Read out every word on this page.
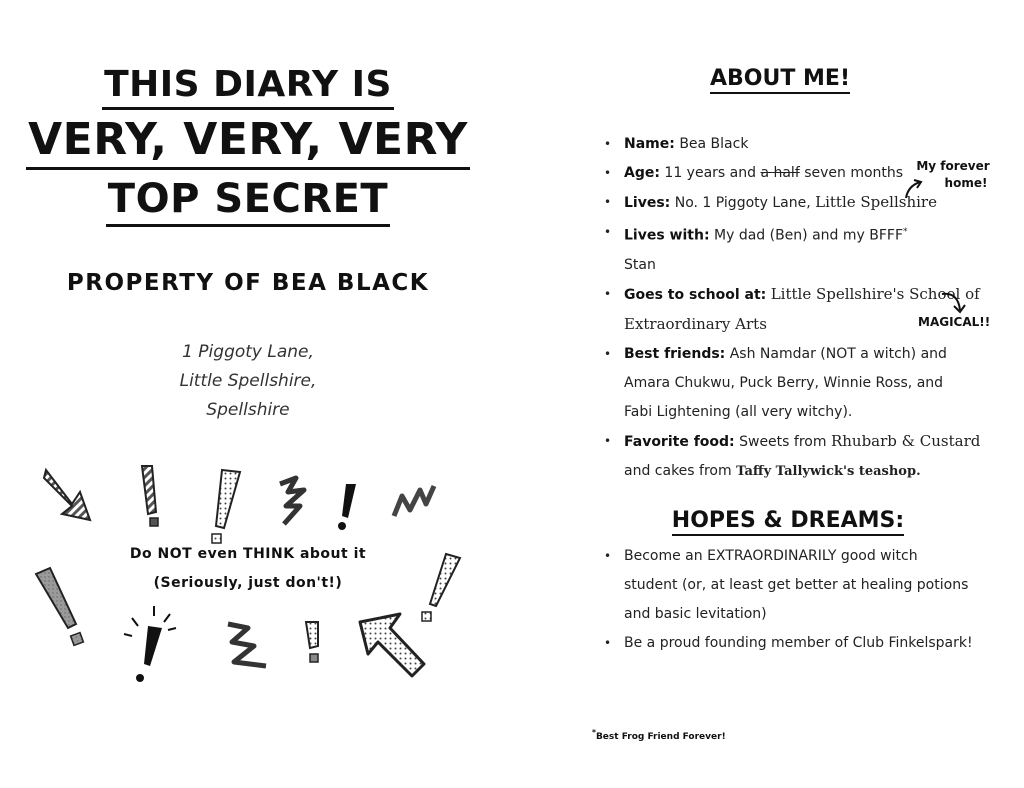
THIS DIARY IS
VERY, VERY, VERY
TOP SECRET
PROPERTY OF BEA BLACK
1 Piggoty Lane,
Little Spellshire,
Spellshire
Do NOT even THINK about it
(Seriously, just don't!)
ABOUT ME!
• Name: Bea Black
• Age: 11 years and a half seven months
• Lives: No. 1 Piggoty Lane, Little Spellshire
• Lives with: My dad (Ben) and my BFFF*
Stan
• Goes to school at: Little Spellshire's School of
Extraordinary Arts
• Best friends: Ash Namdar (NOT a witch) and
Amara Chukwu, Puck Berry, Winnie Ross, and
Fabi Lightening (all very witchy).
• Favorite food: Sweets from Rhubarb & Custard
and cakes from Taffy Tallywick's teashop.
My forever
home!
MAGICAL!!
HOPES & DREAMS:
• Become an EXTRAORDINARILY good witch
student (or, at least get better at healing potions
and basic levitation)
• Be a proud founding member of Club Finkelspark!
*Best Frog Friend Forever!
